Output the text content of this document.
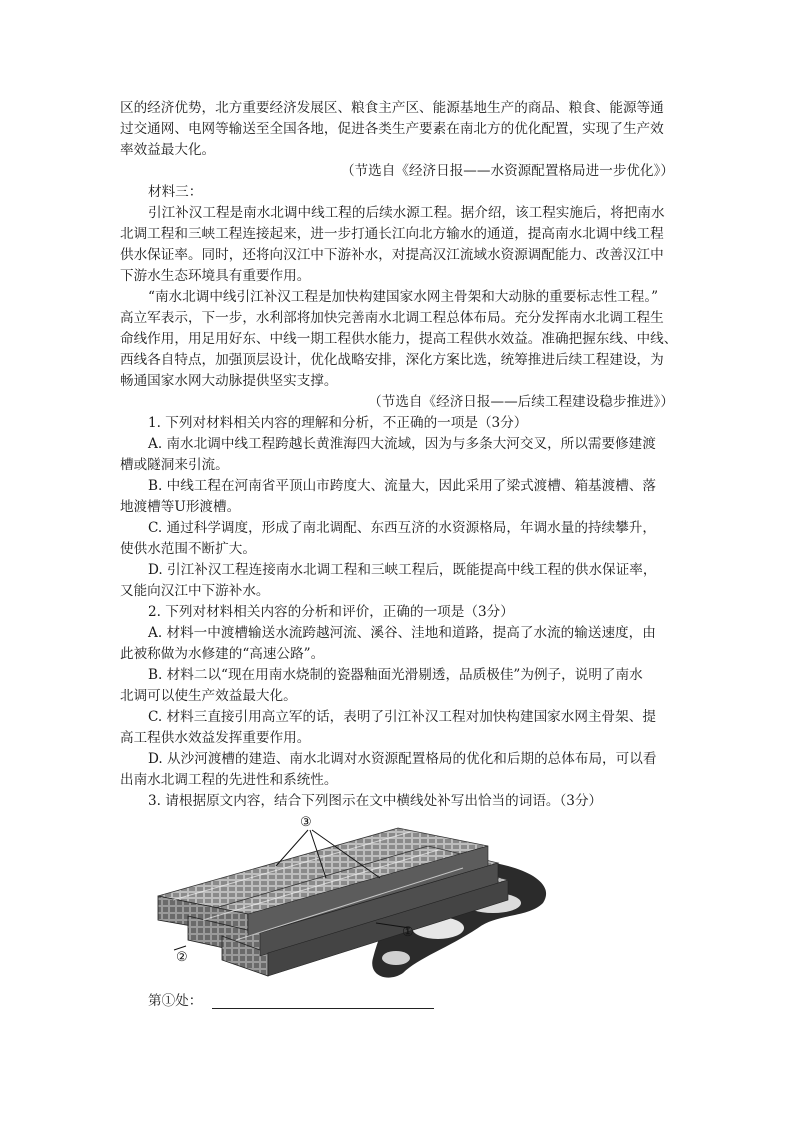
区的经济优势，北方重要经济发展区、粮食主产区、能源基地生产的商品、粮食、能源等通
过交通网、电网等输送至全国各地，促进各类生产要素在南北方的优化配置，实现了生产效
率效益最大化。
（节选自《经济日报——水资源配置格局进一步优化》）
材料三：
引江补汉工程是南水北调中线工程的后续水源工程。据介绍，该工程实施后，将把南水
北调工程和三峡工程连接起来，进一步打通长江向北方输水的通道，提高南水北调中线工程
供水保证率。同时，还将向汉江中下游补水，对提高汉江流域水资源调配能力、改善汉江中
下游水生态环境具有重要作用。
“南水北调中线引江补汉工程是加快构建国家水网主骨架和大动脉的重要标志性工程。”
高立军表示，下一步，水利部将加快完善南水北调工程总体布局。充分发挥南水北调工程生
命线作用，用足用好东、中线一期工程供水能力，提高工程供水效益。准确把握东线、中线、
西线各自特点，加强顶层设计，优化战略安排，深化方案比选，统筹推进后续工程建设，为
畅通国家水网大动脉提供坚实支撑。
（节选自《经济日报——后续工程建设稳步推进》）
1. 下列对材料相关内容的理解和分析，不正确的一项是（3分）
A. 南水北调中线工程跨越长黄淮海四大流域，因为与多条大河交叉，所以需要修建渡
槽或隧洞来引流。
B. 中线工程在河南省平顶山市跨度大、流量大，因此采用了梁式渡槽、箱基渡槽、落
地渡槽等U形渡槽。
C. 通过科学调度，形成了南北调配、东西互济的水资源格局，年调水量的持续攀升，
使供水范围不断扩大。
D. 引江补汉工程连接南水北调工程和三峡工程后，既能提高中线工程的供水保证率，
又能向汉江中下游补水。
2. 下列对材料相关内容的分析和评价，正确的一项是（3分）
A. 材料一中渡槽输送水流跨越河流、溪谷、洼地和道路，提高了水流的输送速度，由
此被称做为水修建的“高速公路”。
B. 材料二以“现在用南水烧制的瓷器釉面光滑剔透，品质极佳”为例子，说明了南水
北调可以使生产效益最大化。
C. 材料三直接引用高立军的话，表明了引江补汉工程对加快构建国家水网主骨架、提
高工程供水效益发挥重要作用。
D. 从沙河渡槽的建造、南水北调对水资源配置格局的优化和后期的总体布局，可以看
出南水北调工程的先进性和系统性。
3. 请根据原文内容，结合下列图示在文中横线处补写出恰当的词语。（3分）
③
①
②
第①处：
